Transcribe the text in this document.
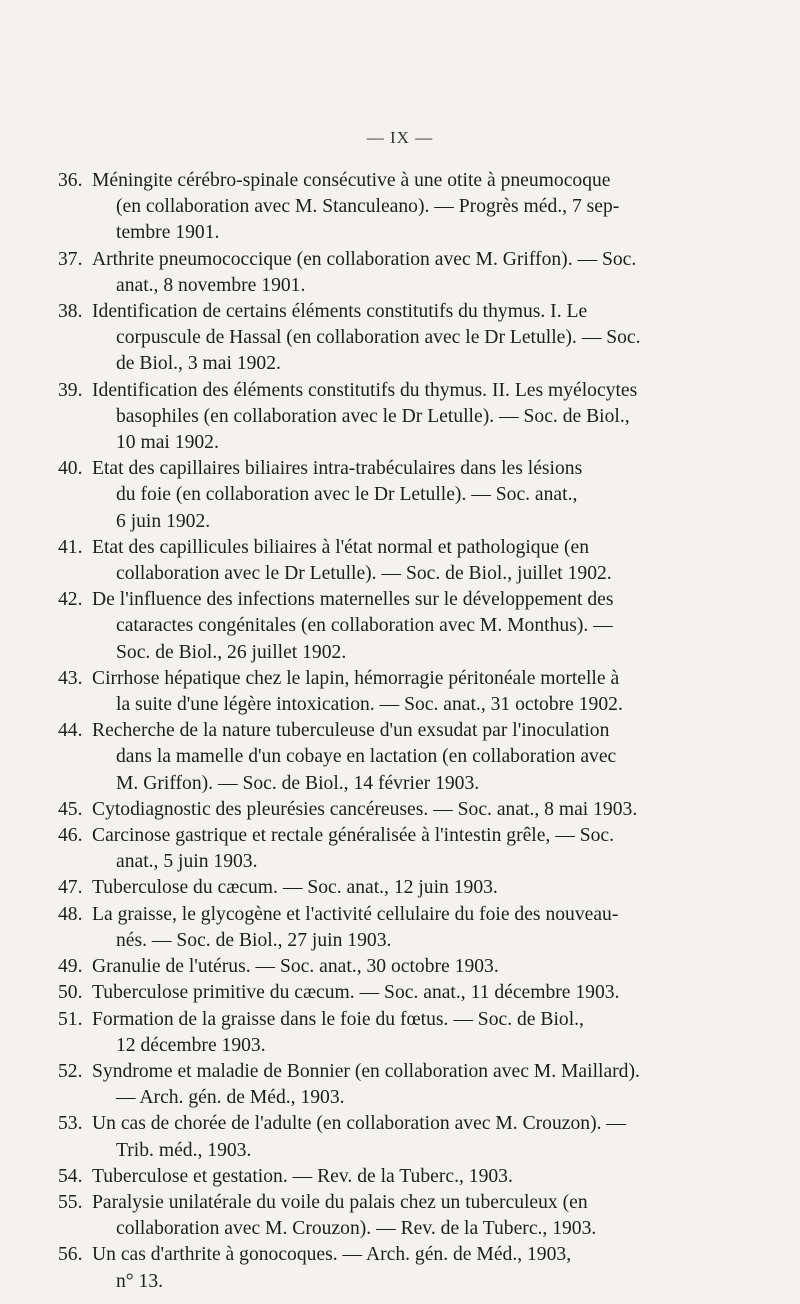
— IX —
36. Méningite cérébro-spinale consécutive à une otite à pneumocoque
(en collaboration avec M. Stanculeano). — Progrès méd., 7 sep-
tembre 1901.
37. Arthrite pneumococcique (en collaboration avec M. Griffon). — Soc.
anat., 8 novembre 1901.
38. Identification de certains éléments constitutifs du thymus. I. Le
corpuscule de Hassal (en collaboration avec le Dr Letulle). — Soc.
de Biol., 3 mai 1902.
39. Identification des éléments constitutifs du thymus. II. Les myélocytes
basophiles (en collaboration avec le Dr Letulle). — Soc. de Biol.,
10 mai 1902.
40. Etat des capillaires biliaires intra-trabéculaires dans les lésions
du foie (en collaboration avec le Dr Letulle). — Soc. anat.,
6 juin 1902.
41. Etat des capillicules biliaires à l'état normal et pathologique (en
collaboration avec le Dr Letulle). — Soc. de Biol., juillet 1902.
42. De l'influence des infections maternelles sur le développement des
cataractes congénitales (en collaboration avec M. Monthus). —
Soc. de Biol., 26 juillet 1902.
43. Cirrhose hépatique chez le lapin, hémorragie péritonéale mortelle à
la suite d'une légère intoxication. — Soc. anat., 31 octobre 1902.
44. Recherche de la nature tuberculeuse d'un exsudat par l'inoculation
dans la mamelle d'un cobaye en lactation (en collaboration avec
M. Griffon). — Soc. de Biol., 14 février 1903.
45. Cytodiagnostic des pleurésies cancéreuses. — Soc. anat., 8 mai 1903.
46. Carcinose gastrique et rectale généralisée à l'intestin grêle, — Soc.
anat., 5 juin 1903.
47. Tuberculose du cæcum. — Soc. anat., 12 juin 1903.
48. La graisse, le glycogène et l'activité cellulaire du foie des nouveau-
nés. — Soc. de Biol., 27 juin 1903.
49. Granulie de l'utérus. — Soc. anat., 30 octobre 1903.
50. Tuberculose primitive du cæcum. — Soc. anat., 11 décembre 1903.
51. Formation de la graisse dans le foie du fœtus. — Soc. de Biol.,
12 décembre 1903.
52. Syndrome et maladie de Bonnier (en collaboration avec M. Maillard).
— Arch. gén. de Méd., 1903.
53. Un cas de chorée de l'adulte (en collaboration avec M. Crouzon). —
Trib. méd., 1903.
54. Tuberculose et gestation. — Rev. de la Tuberc., 1903.
55. Paralysie unilatérale du voile du palais chez un tuberculeux (en
collaboration avec M. Crouzon). — Rev. de la Tuberc., 1903.
56. Un cas d'arthrite à gonocoques. — Arch. gén. de Méd., 1903,
n° 13.
